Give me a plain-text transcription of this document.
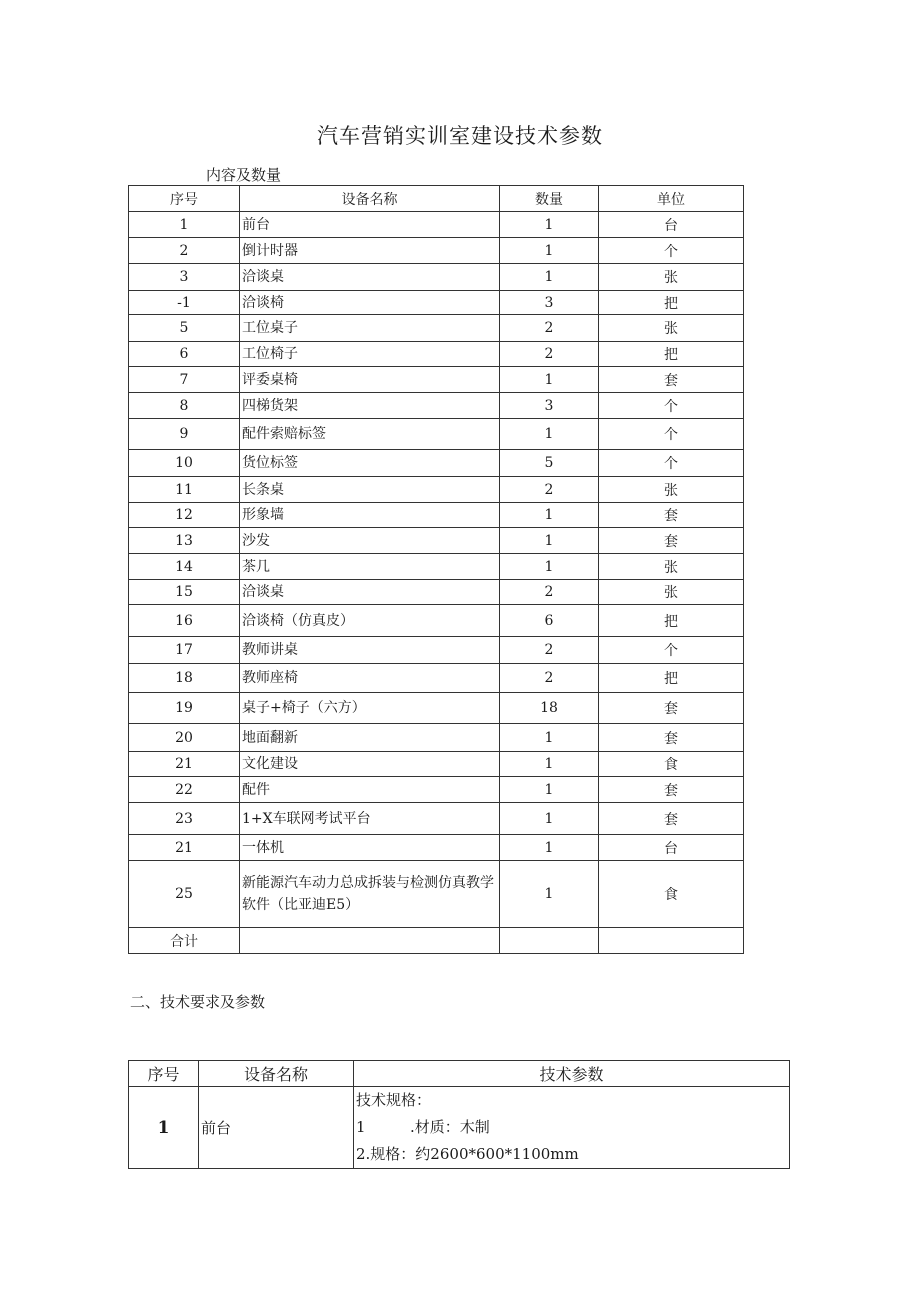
汽车营销实训室建设技术参数
内容及数量
序号	设备名称	数量	单位
1	前台	1	台
2	倒计时器	1	个
3	洽谈桌	1	张
-1	洽谈椅	3	把
5	工位桌子	2	张
6	工位椅子	2	把
7	评委桌椅	1	套
8	四梯货架	3	个
9	配件索赔标签	1	个
10	货位标签	5	个
11	长条桌	2	张
12	形象墙	1	套
13	沙发	1	套
14	茶几	1	张
15	洽谈桌	2	张
16	洽谈椅（仿真皮）	6	把
17	教师讲桌	2	个
18	教师座椅	2	把
19	桌子+椅子（六方）	18	套
20	地面翻新	1	套
21	文化建设	1	食
22	配件	1	套
23	1+X车联网考试平台	1	套
21	一体机	1	台
25	新能源汽车动力总成拆装与检测仿真教学软件（比亚迪E5）	1	食
合计			
二、技术要求及参数
序号	设备名称	技术参数
1	前台	技术规格：
1 .材质：木制
2.规格：约2600*600*1100mm
